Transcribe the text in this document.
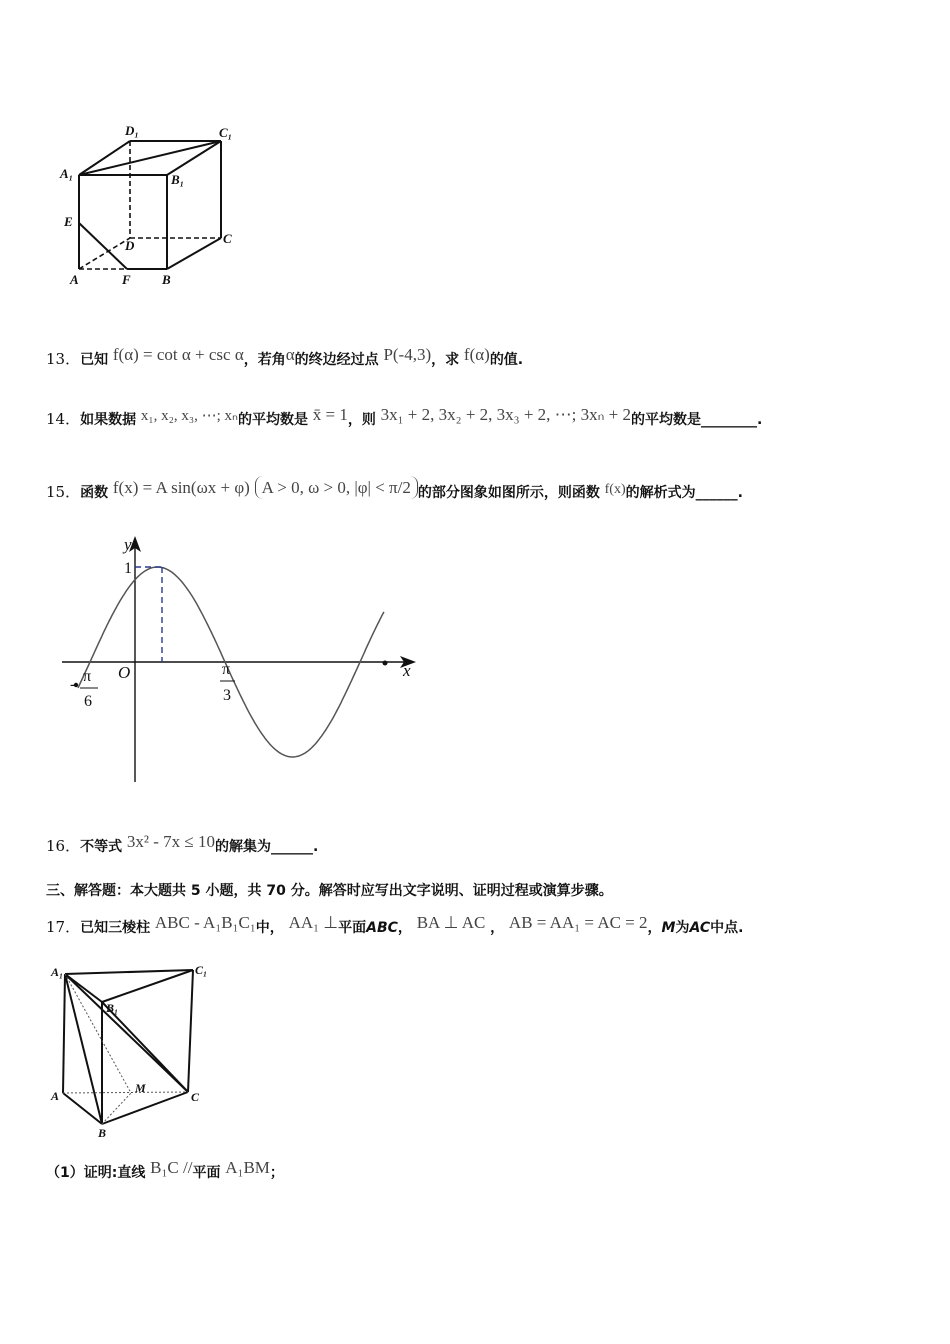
D₁	C₁
A₁	B₁
E
D	C
A	F B
13．已知 f(α) = cot α + csc α，若角α的终边经过点 P(-4,3)，求 f(α)的值.
14．如果数据 x₁, x₂, x₃, ⋯; xₙ的平均数是 x̄ = 1，则 3x₁ + 2, 3x₂ + 2, 3x₃ + 2, ⋯; 3xₙ + 2的平均数是________.
15．函数 f(x) = A sin(ωx + φ) A > 0, ω > 0, |φ| < π/2 的部分图象如图所示，则函数 f(x)的解析式为______.
y
x
O
1
- π
6
π
3
16．不等式 3x² - 7x ≤ 10的解集为______.
三、解答题：本大题共 5 小题，共 70 分。解答时应写出文字说明、证明过程或演算步骤。
17．已知三棱柱 ABC - A₁B₁C₁中， AA₁ ⊥平面ABC， BA ⊥ AC ， AB = AA₁ = AC = 2，M为AC中点.
A₁	C₁
B₁
M
A	C
B
（1）证明:直线 B₁C //平面 A₁BM；
